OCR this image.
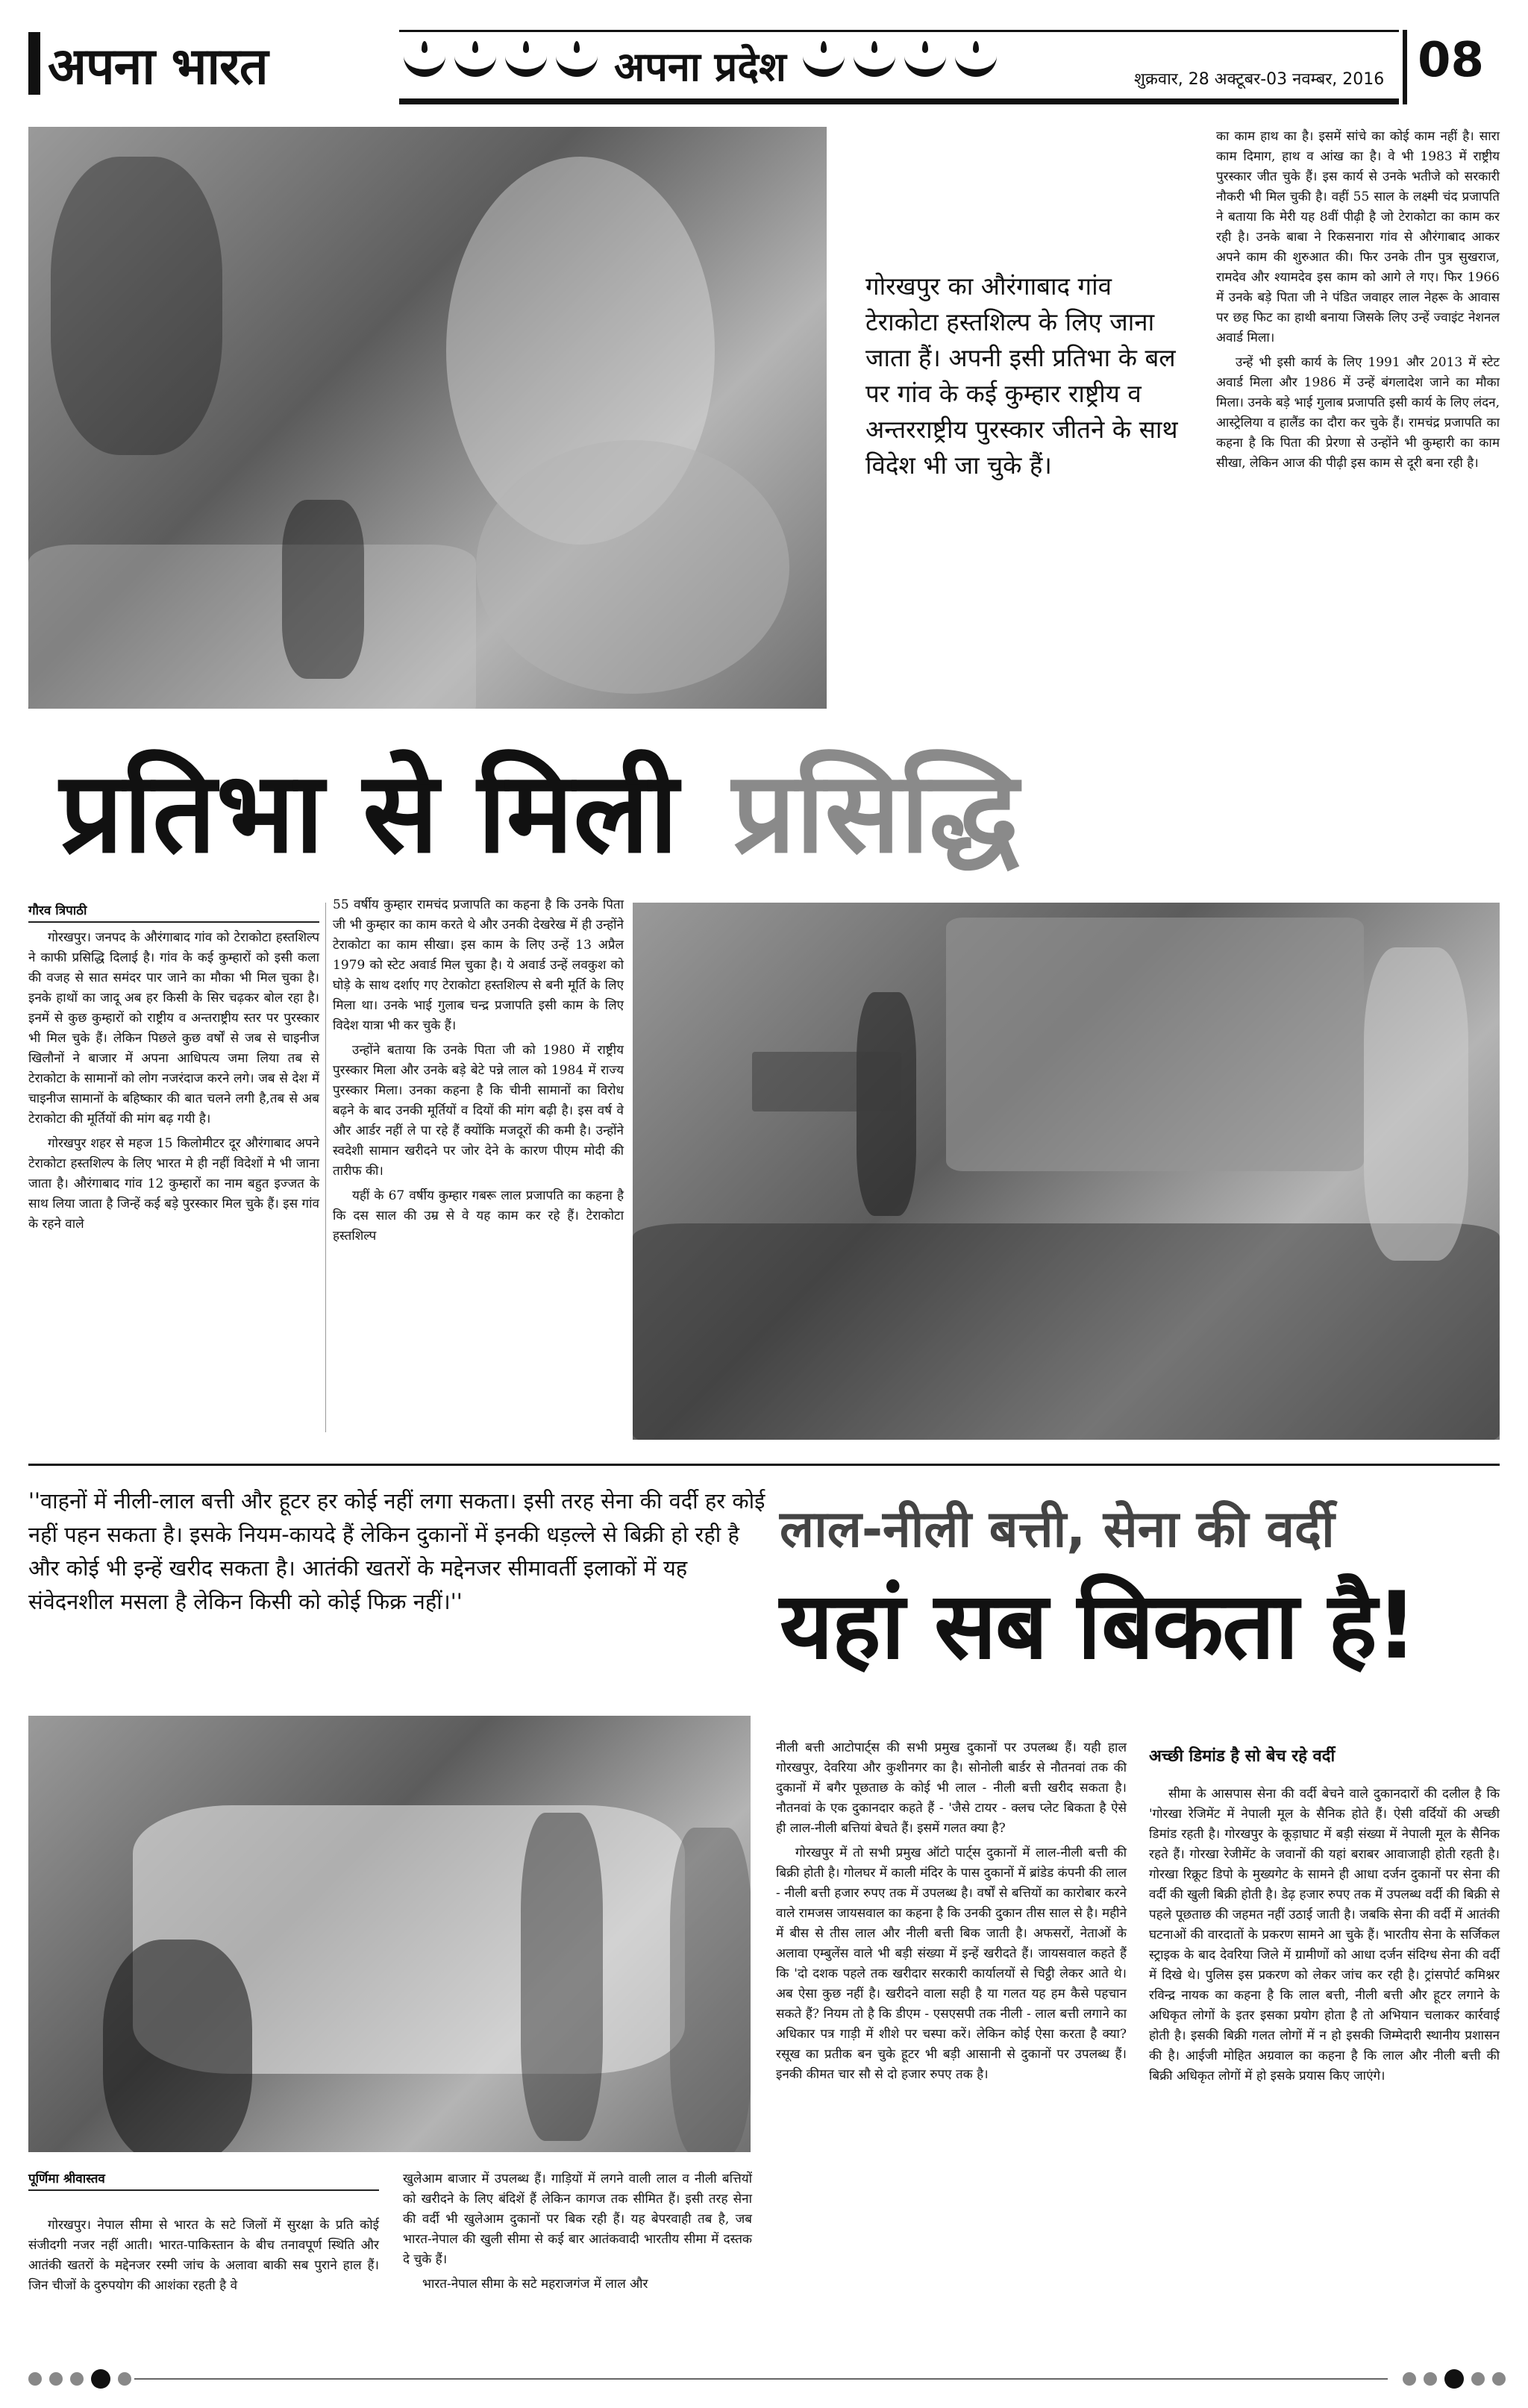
अपना भारत	अपना प्रदेश	शुक्रवार, 28 अक्टूबर-03 नवम्बर, 2016 08
गोरखपुर का औरंगाबाद गांव टेराकोटा हस्तशिल्प के लिए जाना जाता हैं। अपनी इसी प्रतिभा के बल पर गांव के कई कुम्हार राष्ट्रीय व अन्तरराष्ट्रीय पुरस्कार जीतने के साथ विदेश भी जा चुके हैं।

का काम हाथ का है। इसमें सांचे का कोई काम नहीं है। सारा काम दिमाग, हाथ व आंख का है। वे भी 1983 में राष्ट्रीय पुरस्कार जीत चुके हैं। इस कार्य से उनके भतीजे को सरकारी नौकरी भी मिल चुकी है। वहीं 55 साल के लक्ष्मी चंद प्रजापति ने बताया कि मेरी यह 8वीं पीढ़ी है जो टेराकोटा का काम कर रही है। उनके बाबा ने रिकसनारा गांव से औरंगाबाद आकर अपने काम की शुरुआत की। फिर उनके तीन पुत्र सुखराज, रामदेव और श्यामदेव इस काम को आगे ले गए। फिर 1966 में उनके बड़े पिता जी ने पंडित जवाहर लाल नेहरू के आवास पर छह फिट का हाथी बनाया जिसके लिए उन्हें ज्वाइंट नेशनल अवार्ड मिला।

उन्हें भी इसी कार्य के लिए 1991 और 2013 में स्टेट अवार्ड मिला और 1986 में उन्हें बंगलादेश जाने का मौका मिला। उनके बड़े भाई गुलाब प्रजापति इसी कार्य के लिए लंदन, आस्ट्रेलिया व हालैंड का दौरा कर चुके हैं। रामचंद्र प्रजापति का कहना है कि पिता की प्रेरणा से उन्होंने भी कुम्हारी का काम सीखा, लेकिन आज की पीढ़ी इस काम से दूरी बना रही है।

प्रतिभा से मिली प्रसिद्धि
गौरव त्रिपाठी

गोरखपुर। जनपद के औरंगाबाद गांव को टेराकोटा हस्तशिल्प ने काफी प्रसिद्धि दिलाई है। गांव के कई कुम्हारों को इसी कला की वजह से सात समंदर पार जाने का मौका भी मिल चुका है। इनके हाथों का जादू अब हर किसी के सिर चढ़कर बोल रहा है। इनमें से कुछ कुम्हारों को राष्ट्रीय व अन्तराष्ट्रीय स्तर पर पुरस्कार भी मिल चुके हैं। लेकिन पिछले कुछ वर्षों से जब से चाइनीज खिलौनों ने बाजार में अपना आधिपत्य जमा लिया तब से टेराकोटा के सामानों को लोग नजरंदाज करने लगे। जब से देश में चाइनीज सामानों के बहिष्कार की बात चलने लगी है,तब से अब टेराकोटा की मूर्तियों की मांग बढ़ गयी है।

गोरखपुर शहर से महज 15 किलोमीटर दूर औरंगाबाद अपने टेराकोटा हस्तशिल्प के लिए भारत मे ही नहीं विदेशों मे भी जाना जाता है। औरंगाबाद गांव 12 कुम्हारों का नाम बहुत इज्जत के साथ लिया जाता है जिन्हें कई बड़े पुरस्कार मिल चुके हैं। इस गांव के रहने वाले

55 वर्षीय कुम्हार रामचंद प्रजापति का कहना है कि उनके पिता जी भी कुम्हार का काम करते थे और उनकी देखरेख में ही उन्होंने टेराकोटा का काम सीखा। इस काम के लिए उन्हें 13 अप्रैल 1979 को स्टेट अवार्ड मिल चुका है। ये अवार्ड उन्हें लवकुश को घोड़े के साथ दर्शाए गए टेराकोटा हस्तशिल्प से बनी मूर्ति के लिए मिला था। उनके भाई गुलाब चन्द्र प्रजापति इसी काम के लिए विदेश यात्रा भी कर चुके हैं।

उन्होंने बताया कि उनके पिता जी को 1980 में राष्ट्रीय पुरस्कार मिला और उनके बड़े बेटे पन्ने लाल को 1984 में राज्य पुरस्कार मिला। उनका कहना है कि चीनी सामानों का विरोध बढ़ने के बाद उनकी मूर्तियों व दियों की मांग बढ़ी है। इस वर्ष वे और आर्डर नहीं ले पा रहे हैं क्योंकि मजदूरों की कमी है। उन्होंने स्वदेशी सामान खरीदने पर जोर देने के कारण पीएम मोदी की तारीफ की।

यहीं के 67 वर्षीय कुम्हार गबरू लाल प्रजापति का कहना है कि दस साल की उम्र से वे यह काम कर रहे हैं। टेराकोटा हस्तशिल्प

''वाहनों में नीली-लाल बत्ती और हूटर हर कोई नहीं लगा सकता। इसी तरह सेना की वर्दी हर कोई नहीं पहन सकता है। इसके नियम-कायदे हैं लेकिन दुकानों में इनकी धड़ल्ले से बिक्री हो रही है और कोई भी इन्हें खरीद सकता है। आतंकी खतरों के मद्देनजर सीमावर्ती इलाकों में यह संवेदनशील मसला है लेकिन किसी को कोई फिक्र नहीं।''
लाल-नीली बत्ती, सेना की वर्दी
यहां सब बिकता है!
पूर्णिमा श्रीवास्तव

गोरखपुर। नेपाल सीमा से भारत के सटे जिलों में सुरक्षा के प्रति कोई संजीदगी नजर नहीं आती। भारत-पाकिस्तान के बीच तनावपूर्ण स्थिति और आतंकी खतरों के मद्देनजर रस्मी जांच के अलावा बाकी सब पुराने हाल हैं। जिन चीजों के दुरुपयोग की आशंका रहती है वे

खुलेआम बाजार में उपलब्ध हैं। गाड़ियों में लगने वाली लाल व नीली बत्तियों को खरीदने के लिए बंदिशें हैं लेकिन कागज तक सीमित हैं। इसी तरह सेना की वर्दी भी खुलेआम दुकानों पर बिक रही हैं। यह बेपरवाही तब है, जब भारत-नेपाल की खुली सीमा से कई बार आतंकवादी भारतीय सीमा में दस्तक दे चुके हैं।

भारत-नेपाल सीमा के सटे महराजगंज में लाल और

नीली बत्ती आटोपार्ट्स की सभी प्रमुख दुकानों पर उपलब्ध हैं। यही हाल गोरखपुर, देवरिया और कुशीनगर का है। सोनोली बार्डर से नौतनवां तक की दुकानों में बगैर पूछताछ के कोई भी लाल - नीली बत्ती खरीद सकता है। नौतनवां के एक दुकानदार कहते हैं - 'जैसे टायर - क्लच प्लेट बिकता है ऐसे ही लाल-नीली बत्तियां बेचते हैं। इसमें गलत क्या है?

गोरखपुर में तो सभी प्रमुख ऑटो पार्ट्स दुकानों में लाल-नीली बत्ती की बिक्री होती है। गोलघर में काली मंदिर के पास दुकानों में ब्रांडेड कंपनी की लाल - नीली बत्ती हजार रुपए तक में उपलब्ध है। वर्षों से बत्तियों का कारोबार करने वाले रामजस जायसवाल का कहना है कि उनकी दुकान तीस साल से है। महीने में बीस से तीस लाल और नीली बत्ती बिक जाती है। अफसरों, नेताओं के अलावा एम्बुलेंस वाले भी बड़ी संख्या में इन्हें खरीदते हैं। जायसवाल कहते हैं कि 'दो दशक पहले तक खरीदार सरकारी कार्यालयों से चिट्ठी लेकर आते थे। अब ऐसा कुछ नहीं है। खरीदने वाला सही है या गलत यह हम कैसे पहचान सकते हैं? नियम तो है कि डीएम - एसएसपी तक नीली - लाल बत्ती लगाने का अधिकार पत्र गाड़ी में शीशे पर चस्पा करें। लेकिन कोई ऐसा करता है क्या? रसूख का प्रतीक बन चुके हूटर भी बड़ी आसानी से दुकानों पर उपलब्ध हैं। इनकी कीमत चार सौ से दो हजार रुपए तक है।

अच्छी डिमांड है सो बेच रहे वर्दी

सीमा के आसपास सेना की वर्दी बेचने वाले दुकानदारों की दलील है कि 'गोरखा रेजिमेंट में नेपाली मूल के सैनिक होते हैं। ऐसी वर्दियों की अच्छी डिमांड रहती है। गोरखपुर के कूड़ाघाट में बड़ी संख्या में नेपाली मूल के सैनिक रहते हैं। गोरखा रेजीमेंट के जवानों की यहां बराबर आवाजाही होती रहती है। गोरखा रिक्रूट डिपो के मुख्यगेट के सामने ही आधा दर्जन दुकानों पर सेना की वर्दी की खुली बिक्री होती है। डेढ़ हजार रुपए तक में उपलब्ध वर्दी की बिक्री से पहले पूछताछ की जहमत नहीं उठाई जाती है। जबकि सेना की वर्दी में आतंकी घटनाओं की वारदातों के प्रकरण सामने आ चुके हैं। भारतीय सेना के सर्जिकल स्ट्राइक के बाद देवरिया जिले में ग्रामीणों को आधा दर्जन संदिग्ध सेना की वर्दी में दिखे थे। पुलिस इस प्रकरण को लेकर जांच कर रही है। ट्रांसपोर्ट कमिश्नर रविन्द्र नायक का कहना है कि लाल बत्ती, नीली बत्ती और हूटर लगाने के अधिकृत लोगों के इतर इसका प्रयोग होता है तो अभियान चलाकर कार्रवाई होती है। इसकी बिक्री गलत लोगों में न हो इसकी जिम्मेदारी स्थानीय प्रशासन की है। आईजी मोहित अग्रवाल का कहना है कि लाल और नीली बत्ती की बिक्री अधिकृत लोगों में हो इसके प्रयास किए जाएंगे।
